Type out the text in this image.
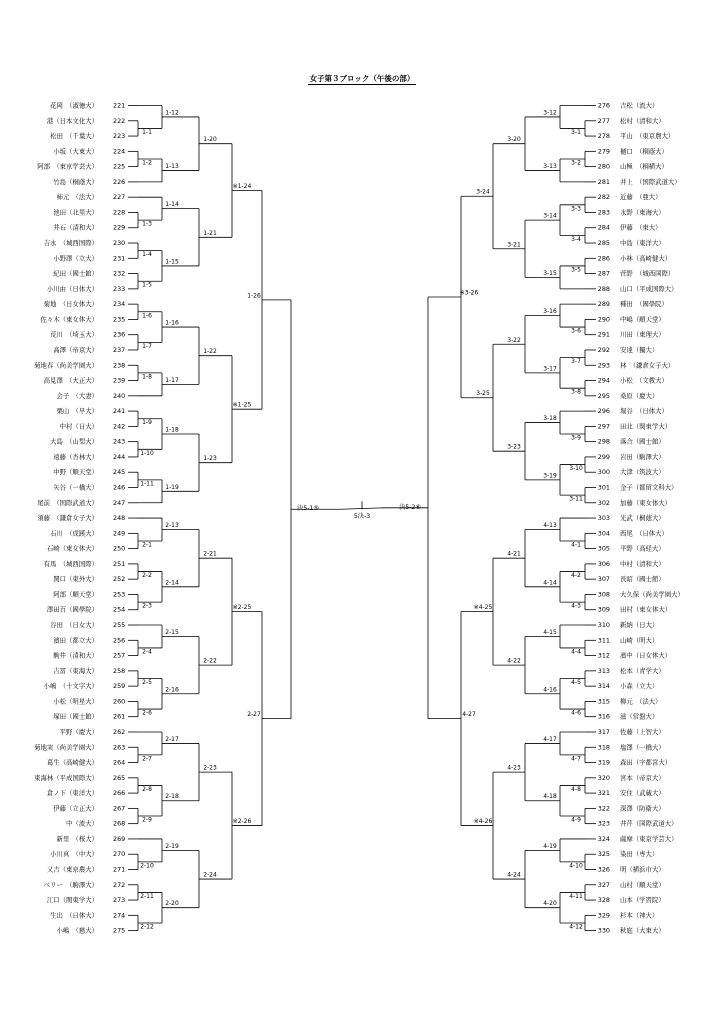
女子第３ブロック（午後の部）
花岡　（淑徳大） 221
港（日本文化大） 222
松田　（千葉大） 223
小坂（大東大） 224
阿部　（東京学芸大） 225
竹島（桐蔭大） 226
柿元　（法大） 227
池田（北里大） 228
井石（清和大） 229
吉永　（城西国際） 230
小野澤（立大） 231
紀田（國士館） 232
小川由（日体大） 233
菊地　（日女体大） 234
佐々木（東女体大） 235
荒川　（埼玉大） 236
高澤（帝京大） 237
菊地春（尚美学園大） 238
高見澤　（大正大） 239
会子　（大妻） 240
栗山　（早大） 241
中村（日大） 242
大島　（山梨大） 243
遠藤（杏林大） 244
中野（順天堂） 245
矢谷（一橋大） 246
尾前　（国際武道大） 247
須藤　（鎌倉女子大） 248
石川　（成蹊大） 249
石崎（東女体大） 250
有馬　（城西国際） 251
関口（東外大） 252
阿部（順天堂） 253
澤田百（國學院） 254
谷田　（日女大） 255
濱田（都立大） 256
駒井（清和大） 257
吉冨（東海大） 258
小嶋　（十文字大） 259
小松（明星大） 260
塚田（國士館） 261
平野（慶大） 262
菊地実（尚美学園大） 263
葛生（高崎健大） 264
東海林（平成国際大） 265
倉ノ下（東洋大） 266
伊藤（立正大） 267
中（流大） 268
新里　（桜大） 269
小川真　（中大） 270
又吉（東京農大） 271
ベリー　（駒澤大） 272
江口（関東学大） 273
生出　（日体大） 274
小嶋　（慈大） 275
276 吉松（流大）
277 松村（清和大）
278 平山　（東京農大）
279 樋口　（桐蔭大）
280 山極　（桐横大）
281 井上　（国際武道大）
282 近藤　（亜大）
283 永野（東海大）
284 伊藤　（東大）
285 中島（東洋大）
286 小林（高崎健大）
287 菅野　（城西国際）
288 山口（平成国際大）
289 種田　（國學院）
290 中嶋（順天堂）
291 川田（東理大）
292 安達（獨大）
293 林　（鎌倉女子大）
294 小松　（文教大）
295 桑原（慶大）
296 堀谷　（日体大）
297 田北（関東学大）
298 落合（國士館）
299 岩田（駒澤大）
300 大津（筑波大）
301 金子（都留文科大）
302 加藤（東女体大）
303 光武（桐蔭大）
304 西尾　（日体大）
305 平野（高経大）
306 中村（清和大）
307 長昭（國士館）
308 大久保（尚美学園大）
309 田村（東女体大）
310 新納（日大）
311 山崎（明大）
312 濱中（日女体大）
313 松本（青学大）
314 小森（立大）
315 柳元　（法大）
316 滋（常盤大）
317 佐藤（上智大）
318 塩澤（一橋大）
319 森田（宇都宮大）
320 宮本（帝京大）
321 安住（武蔵大）
322 深澤（防衛大）
323 井芹（国際武道大）
324 薩摩（東京学芸大）
325 染田（専大）
326 明（横浜市大）
327 山村（順天堂）
328 山本（学習院）
329 杉本（神大）
330 秋庭（大東大）
1-1
1-2
1-3
1-4
1-5
1-6
1-7
1-8
1-9
1-10
1-11
2-1
2-2
2-3
2-4
2-5
2-6
2-7
2-8
2-9
2-10
2-11
2-12
1-12
1-13
1-14
1-15
1-16
1-17
1-18
1-19
2-13
2-14
2-15
2-16
2-17
2-18
2-19
2-20
1-20
1-21
1-22
1-23
2-21
2-22
2-23
2-24
※1-24
※1-25
※2-25
※2-26
1-26
2-27
3-1
3-2
3-3
3-4
3-5
3-6
3-7
3-8
3-9
3-10
3-11
4-1
4-2
4-3
4-4
4-5
4-6
4-7
4-8
4-9
4-10
4-11
4-12
3-12
3-13
3-14
3-15
3-16
3-17
3-18
3-19
4-13
4-14
4-15
4-16
4-17
4-18
4-19
4-20
3-20
3-21
3-22
3-23
4-21
4-22
4-23
4-24
3-24
3-25
※4-25
※4-26
※3-26
4-27
決5-1⑤	決5-2⑥
5決-3
